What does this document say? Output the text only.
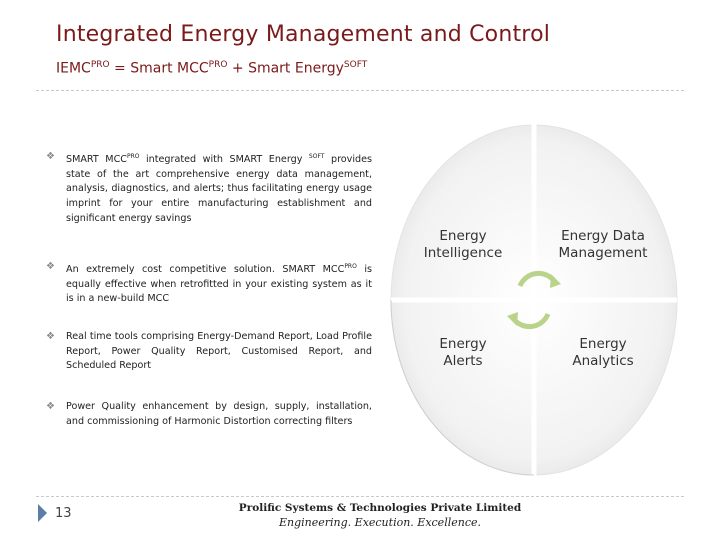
Integrated Energy Management and Control
$IEMC^{PRO}$ = Smart $MCC^{PRO}$ + Smart Energy$^{SOFT}$
❖ SMART $MCC^{PRO}$ integrated with SMART Energy $^{SOFT}$ provides state of the art comprehensive energy data management, analysis, diagnostics, and alerts; thus facilitating energy usage imprint for your entire manufacturing establishment and significant energy savings
❖ An extremely cost competitive solution. SMART $MCC^{PRO}$ is equally effective when retrofitted in your existing system as it is in a new-build MCC
❖ Real time tools comprising Energy-Demand Report, Load Profile Report, Power Quality Report, Customised Report, and Scheduled Report
❖ Power Quality enhancement by design, supply, installation, and commissioning of Harmonic Distortion correcting filters
Energy
Intelligence
Energy Data
Management
Energy
Alerts
Energy
Analytics
13	Prolific Systems & Technologies Private Limited
Engineering. Execution. Excellence.
